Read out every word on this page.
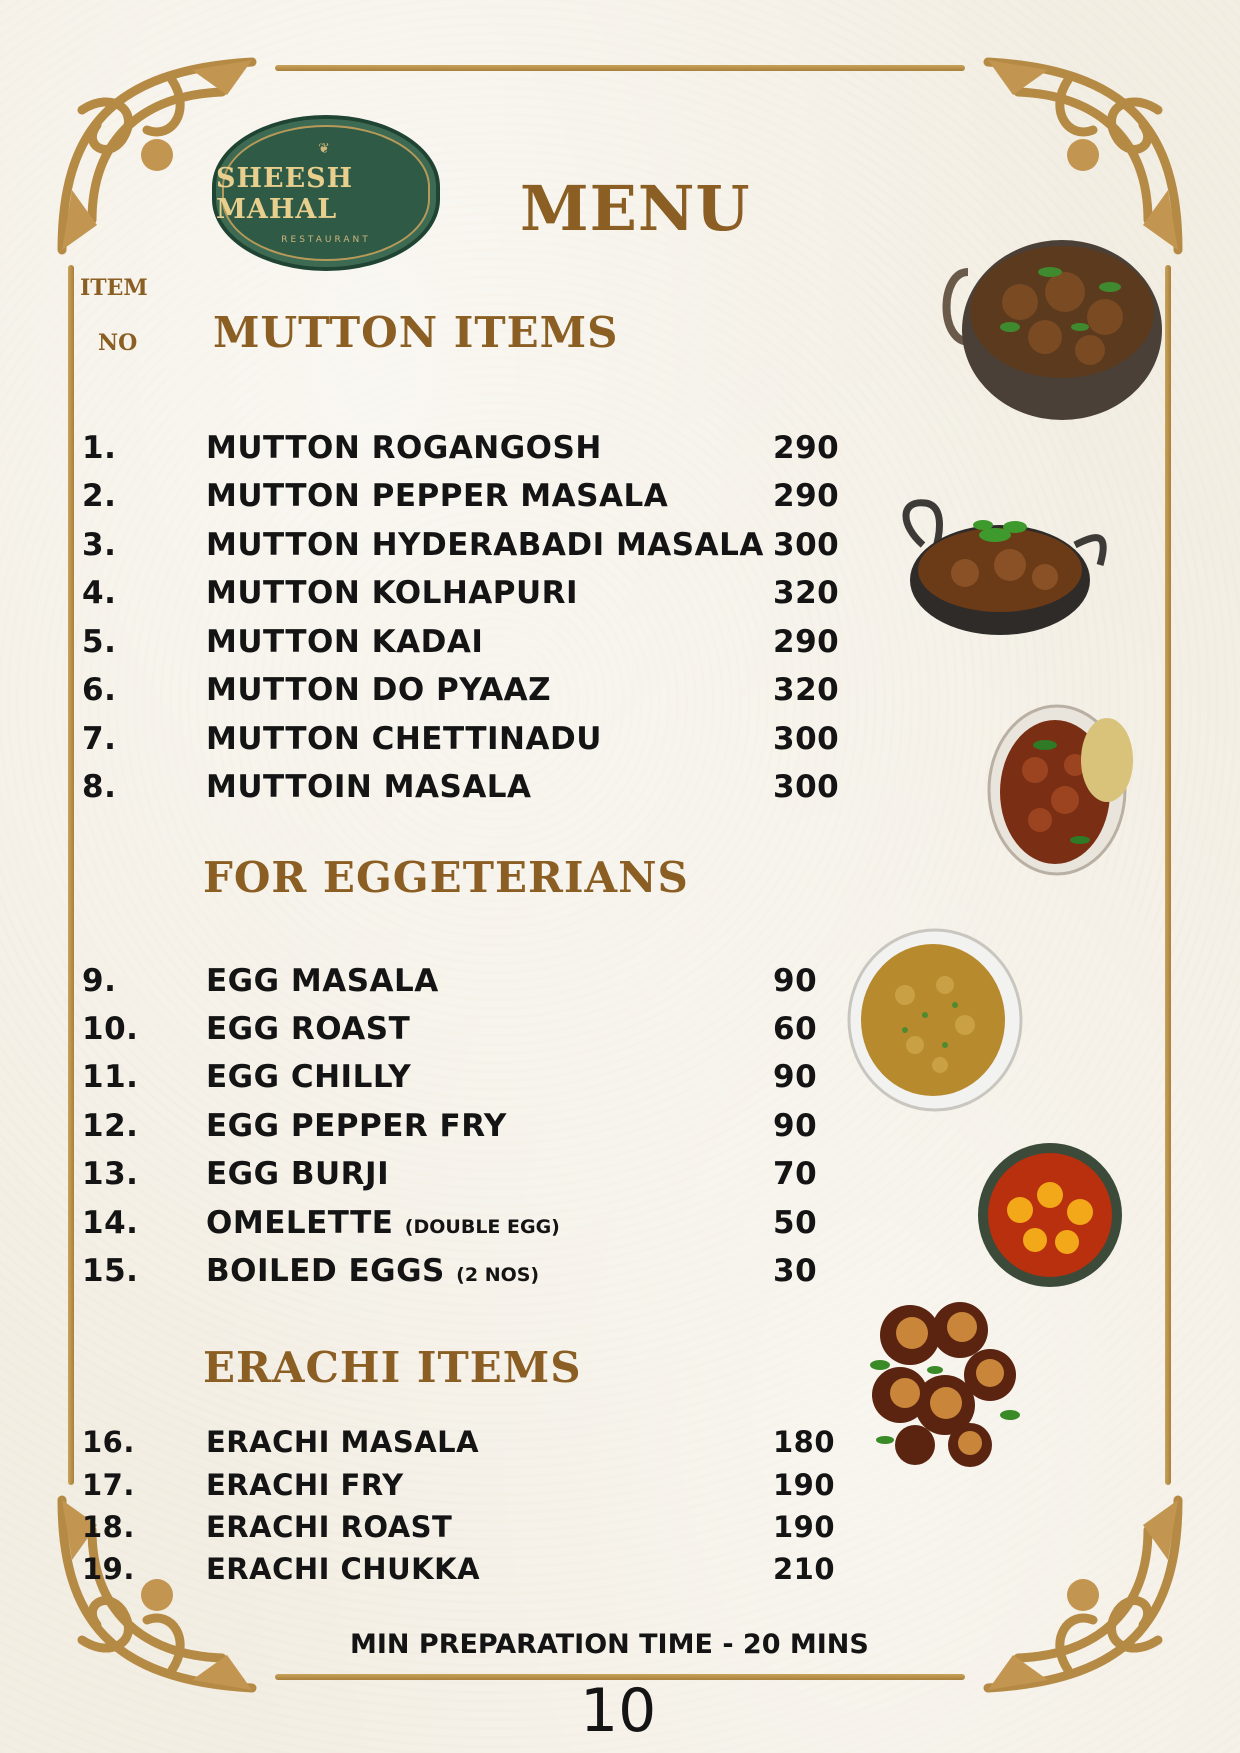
❦
SHEESH MAHAL
RESTAURANT MENU
ITEM
NO MUTTON ITEMS
FOR EGGETERIANS
ERACHI ITEMS
1.	MUTTON ROGANGOSH	290
2.	MUTTON PEPPER MASALA	290
3.	MUTTON HYDERABADI MASALA 300
4.	MUTTON KOLHAPURI	320
5.	MUTTON KADAI	290
6.	MUTTON DO PYAAZ	320
7.	MUTTON CHETTINADU	300
8.	MUTTOIN MASALA	300
9.	EGG MASALA	90
10. EGG ROAST	60
11. EGG CHILLY	90
12. EGG PEPPER FRY	90
13. EGG BURJI	70
14. OMELETTE (DOUBLE EGG)	50
15. BOILED EGGS (2 NOS)	30
16. ERACHI MASALA	180
17. ERACHI FRY	190
18. ERACHI ROAST	190
19. ERACHI CHUKKA	210
MIN PREPARATION TIME - 20 MINS
10
